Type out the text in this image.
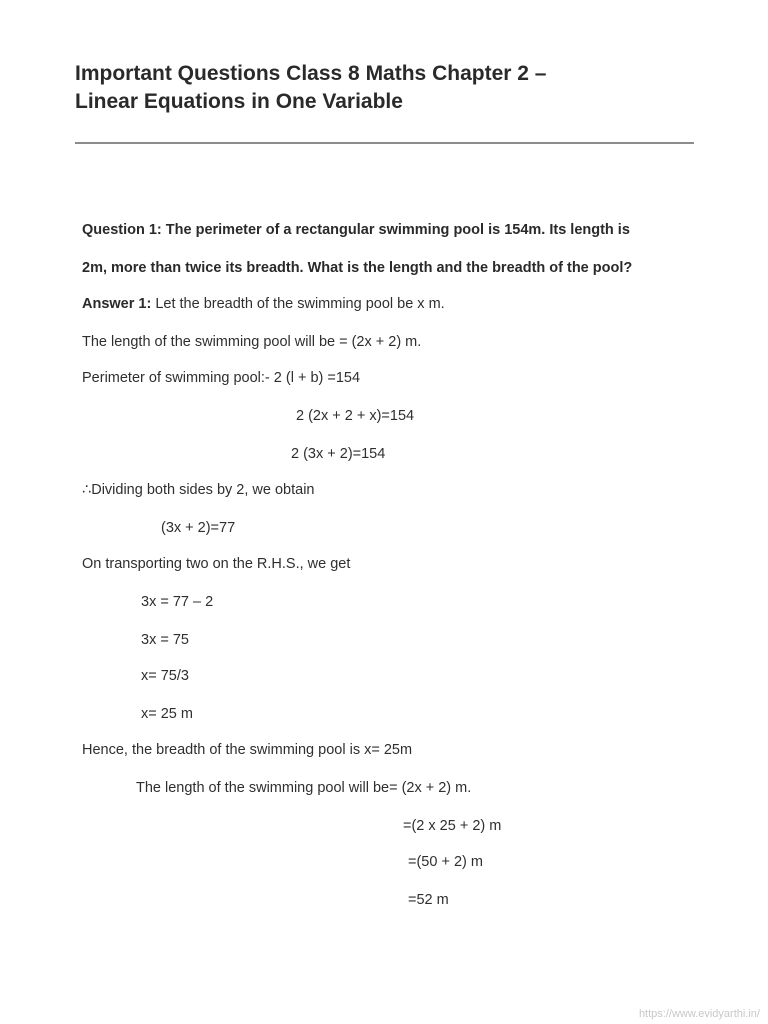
Important Questions Class 8 Maths Chapter 2 –
Linear Equations in One Variable
Question 1: The perimeter of a rectangular swimming pool is 154m. Its length is
2m, more than twice its breadth. What is the length and the breadth of the pool?
Answer 1: Let the breadth of the swimming pool be x m.
The length of the swimming pool will be = (2x + 2) m.
Perimeter of swimming pool:- 2 (l + b) =154
2 (2x + 2 + x)=154
2 (3x + 2)=154
∴Dividing both sides by 2, we obtain
(3x + 2)=77
On transporting two on the R.H.S., we get
3x = 77 – 2
3x = 75
x= 75/3
x= 25 m
Hence, the breadth of the swimming pool is x= 25m
The length of the swimming pool will be= (2x + 2) m.
=(2 x 25 + 2) m
=(50 + 2) m
=52 m
https://www.evidyarthi.in/
